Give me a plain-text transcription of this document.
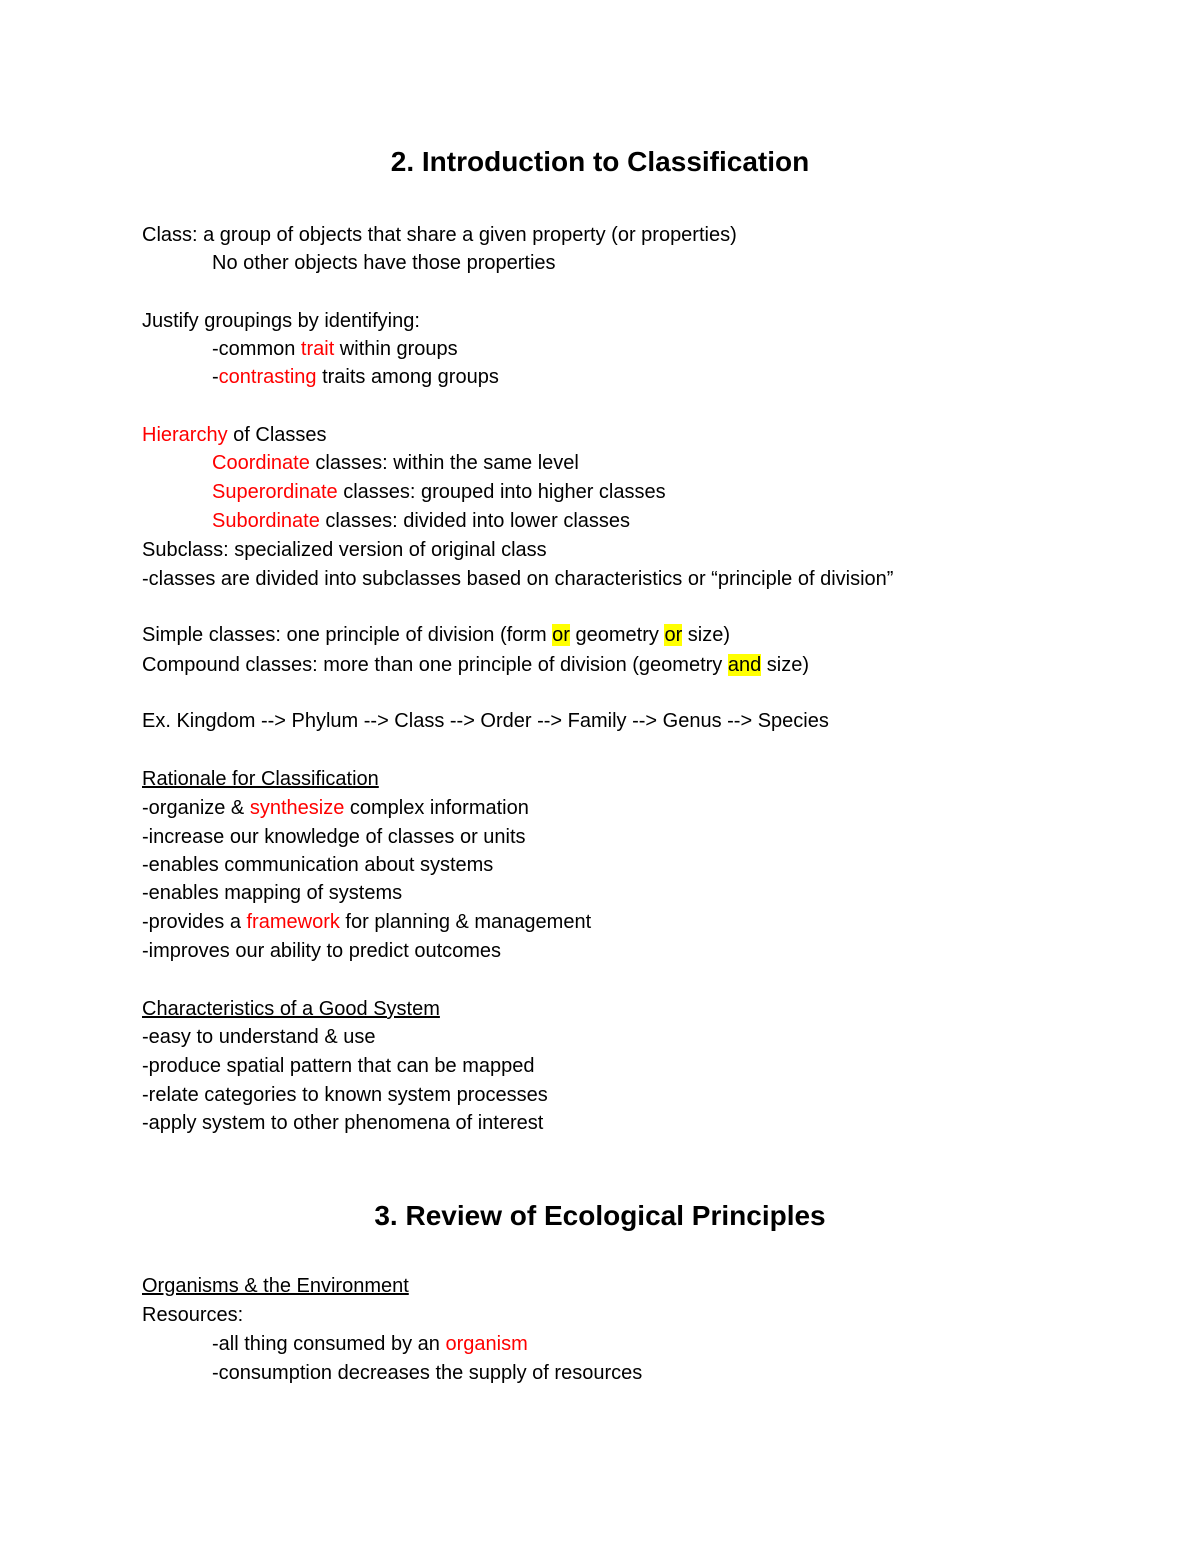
2. Introduction to Classification

Class: a group of objects that share a given property (or properties)

No other objects have those properties

Justify groupings by identifying:

-common trait within groups

-contrasting traits among groups

Hierarchy of Classes

Coordinate classes: within the same level

Superordinate classes: grouped into higher classes

Subordinate classes: divided into lower classes

Subclass: specialized version of original class

-classes are divided into subclasses based on characteristics or “principle of division”

Simple classes: one principle of division (form or geometry or size)

Compound classes: more than one principle of division (geometry and size)

Ex. Kingdom --> Phylum --> Class --> Order --> Family --> Genus --> Species

Rationale for Classification

-organize & synthesize complex information

-increase our knowledge of classes or units

-enables communication about systems

-enables mapping of systems

-provides a framework for planning & management

-improves our ability to predict outcomes

Characteristics of a Good System

-easy to understand & use

-produce spatial pattern that can be mapped

-relate categories to known system processes

-apply system to other phenomena of interest

3. Review of Ecological Principles

Organisms & the Environment

Resources:

-all thing consumed by an organism

-consumption decreases the supply of resources
